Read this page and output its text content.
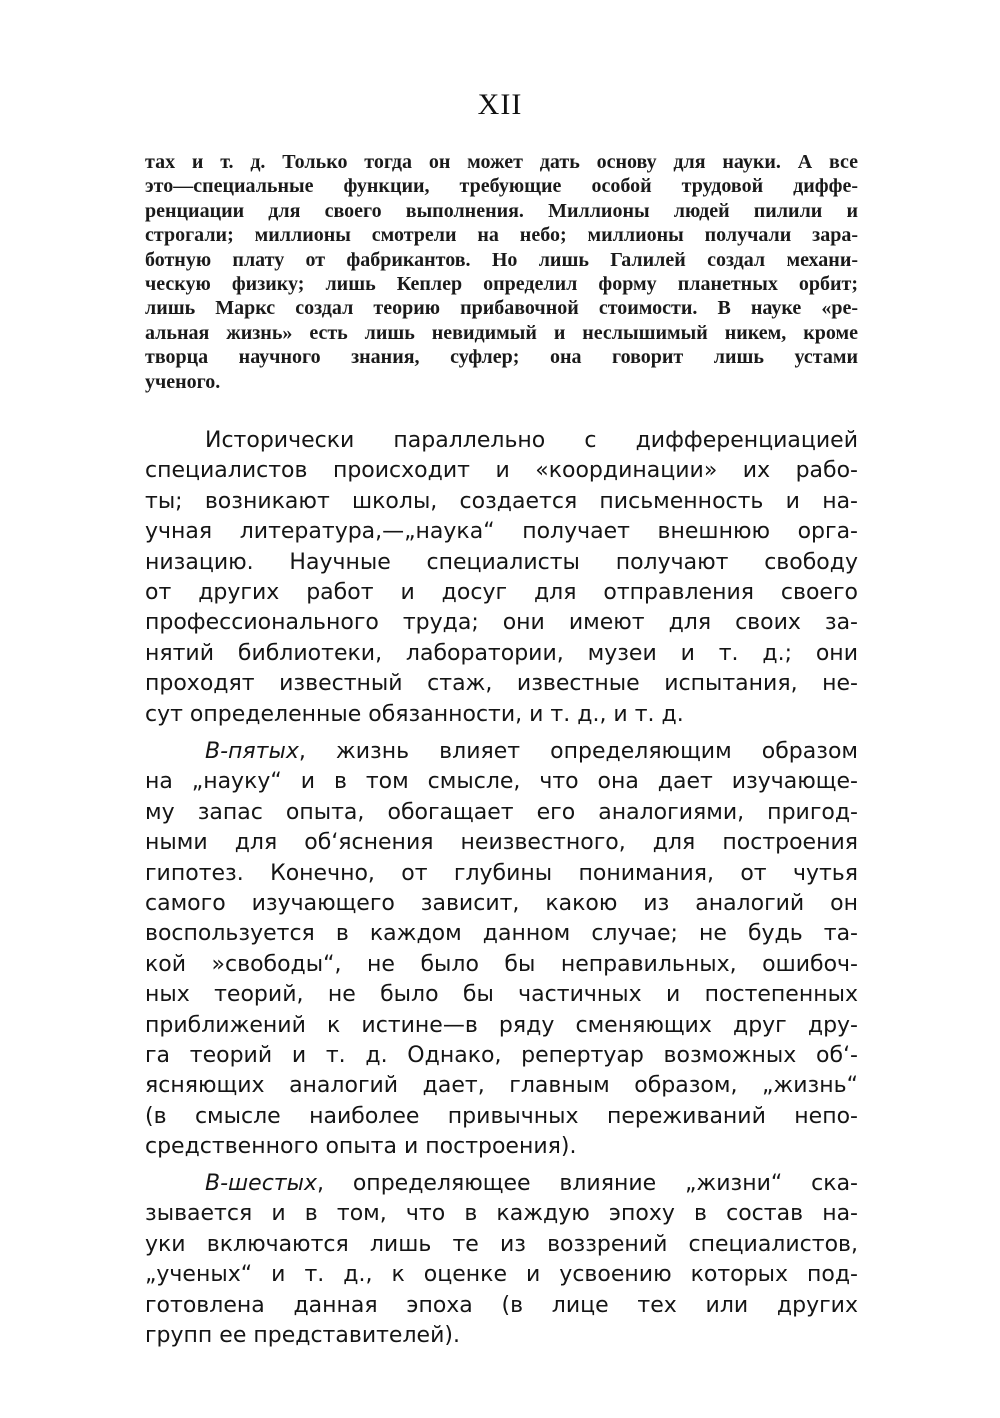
XII
тах и т. д. Только тогда он может дать основу для науки. А все
это—специальные функции, требующие особой трудовой диффе-
ренциации для своего выполнения. Миллионы людей пилили и
строгали; миллионы смотрели на небо; миллионы получали зара-
ботную плату от фабрикантов. Но лишь Галилей создал механи-
ческую физику; лишь Кеплер определил форму планетных орбит;
лишь Маркс создал теорию прибавочной стоимости. В науке «ре-
альная жизнь» есть лишь невидимый и неслышимый никем, кроме
творца научного знания, суфлер; она говорит лишь устами
ученого.
Исторически параллельно с дифференциацией
специалистов происходит и «координации» их рабо-
ты; возникают школы, создается письменность и на-
учная литература,—„наука“ получает внешнюю орга-
низацию. Научные специалисты получают свободу
от других работ и досуг для отправления своего
профессионального труда; они имеют для своих за-
нятий библиотеки, лаборатории, музеи и т. д.; они
проходят известный стаж, известные испытания, не-
сут определенные обязанности, и т. д., и т. д.
В-пятых, жизнь влияет определяющим образом
на „науку“ и в том смысле, что она дает изучающе-
му запас опыта, обогащает его аналогиями, пригод-
ными для об‘яснения неизвестного, для построения
гипотез. Конечно, от глубины понимания, от чутья
самого изучающего зависит, какою из аналогий он
воспользуется в каждом данном случае; не будь та-
кой »свободы“, не было бы неправильных, ошибоч-
ных теорий, не было бы частичных и постепенных
приближений к истине—в ряду сменяющих друг дру-
га теорий и т. д. Однако, репертуар возможных об‘-
ясняющих аналогий дает, главным образом, „жизнь“
(в смысле наиболее привычных переживаний непо-
средственного опыта и построения).
В-шестых, определяющее влияние „жизни“ ска-
зывается и в том, что в каждую эпоху в состав на-
уки включаются лишь те из воззрений специалистов,
„ученых“ и т. д., к оценке и усвоению которых под-
готовлена данная эпоха (в лице тех или других
групп ее представителей).
